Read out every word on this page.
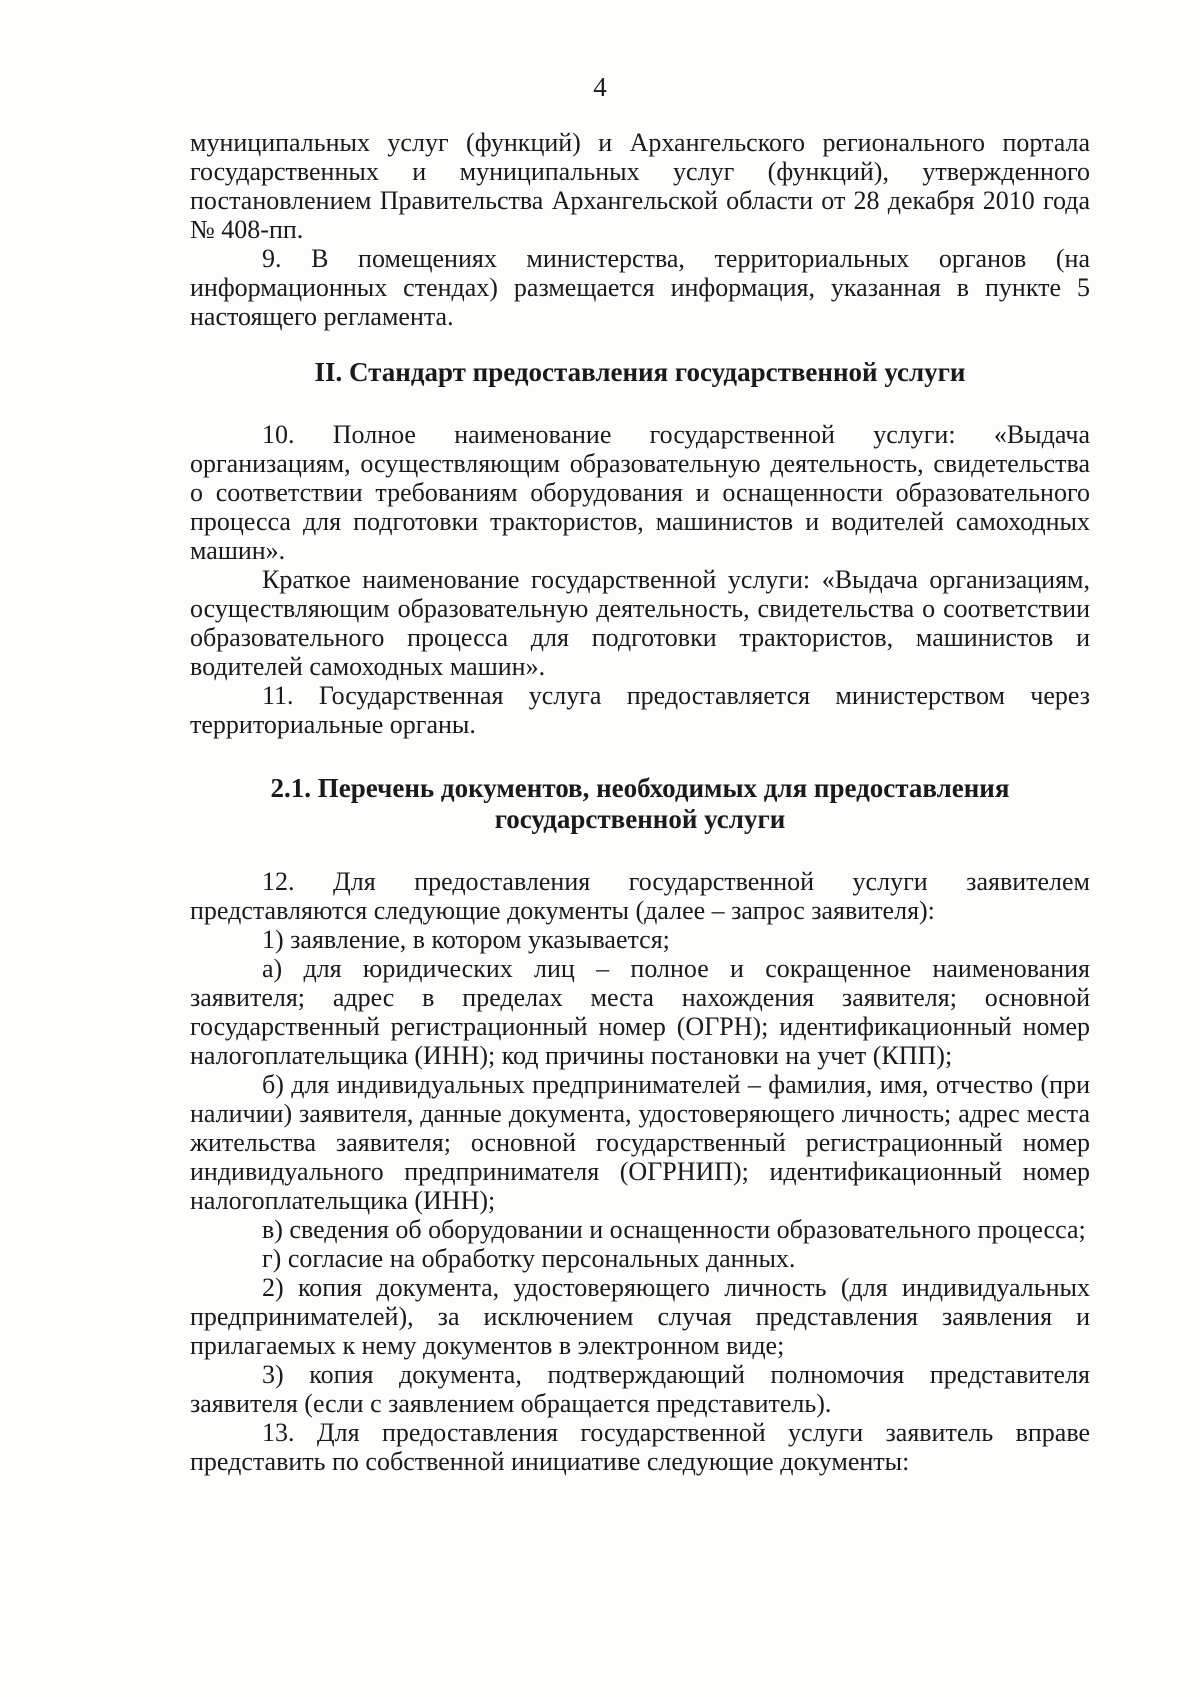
4

муниципальных услуг (функций) и Архангельского регионального портала государственных и муниципальных услуг (функций), утвержденного постановлением Правительства Архангельской области от 28 декабря 2010 года № 408-пп.

9. В помещениях министерства, территориальных органов (на информационных стендах) размещается информация, указанная в пункте 5 настоящего регламента.

II. Стандарт предоставления государственной услуги

10. Полное наименование государственной услуги: «Выдача организациям, осуществляющим образовательную деятельность, свидетельства о соответствии требованиям оборудования и оснащенности образовательного процесса для подготовки трактористов, машинистов и водителей самоходных машин».

Краткое наименование государственной услуги: «Выдача организациям, осуществляющим образовательную деятельность, свидетельства о соответствии образовательного процесса для подготовки трактористов, машинистов и водителей самоходных машин».

11. Государственная услуга предоставляется министерством через территориальные органы.

2.1. Перечень документов, необходимых для предоставления
государственной услуги

12. Для предоставления государственной услуги заявителем представляются следующие документы (далее – запрос заявителя):

1) заявление, в котором указывается;

а) для юридических лиц – полное и сокращенное наименования заявителя; адрес в пределах места нахождения заявителя; основной государственный регистрационный номер (ОГРН); идентификационный номер налогоплательщика (ИНН); код причины постановки на учет (КПП);

б) для индивидуальных предпринимателей – фамилия, имя, отчество (при наличии) заявителя, данные документа, удостоверяющего личность; адрес места жительства заявителя; основной государственный регистрационный номер индивидуального предпринимателя (ОГРНИП); идентификационный номер налогоплательщика (ИНН);

в) сведения об оборудовании и оснащенности образовательного процесса;

г) согласие на обработку персональных данных.

2) копия документа, удостоверяющего личность (для индивидуальных предпринимателей), за исключением случая представления заявления и прилагаемых к нему документов в электронном виде;

3) копия документа, подтверждающий полномочия представителя заявителя (если с заявлением обращается представитель).

13. Для предоставления государственной услуги заявитель вправе представить по собственной инициативе следующие документы:
